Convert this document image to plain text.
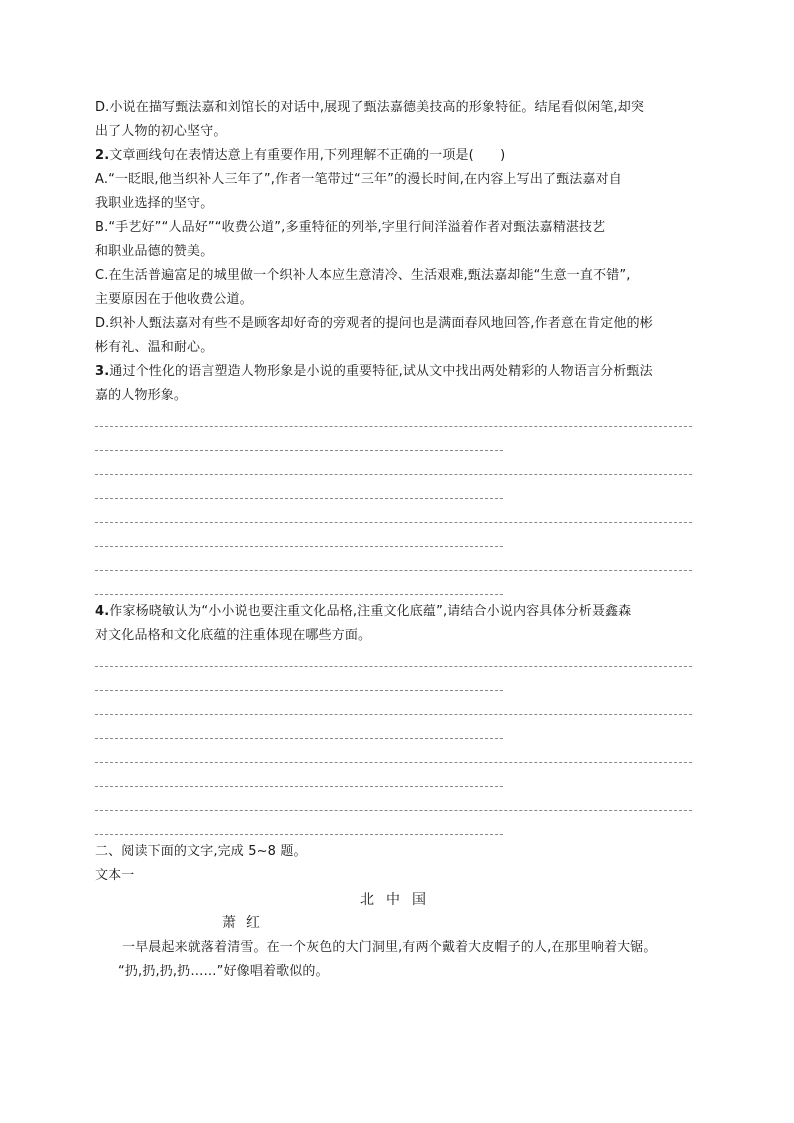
D.小说在描写甄法嘉和刘馆长的对话中,展现了甄法嘉德美技高的形象特征。结尾看似闲笔,却突
出了人物的初心坚守。
2.文章画线句在表情达意上有重要作用,下列理解不正确的一项是(　　)
A.“一眨眼,他当织补人三年了”,作者一笔带过“三年”的漫长时间,在内容上写出了甄法嘉对自
我职业选择的坚守。
B.“手艺好”“人品好”“收费公道”,多重特征的列举,字里行间洋溢着作者对甄法嘉精湛技艺
和职业品德的赞美。
C.在生活普遍富足的城里做一个织补人本应生意清冷、生活艰难,甄法嘉却能“生意一直不错”,
主要原因在于他收费公道。
D.织补人甄法嘉对有些不是顾客却好奇的旁观者的提问也是满面春风地回答,作者意在肯定他的彬
彬有礼、温和耐心。
3.通过个性化的语言塑造人物形象是小说的重要特征,试从文中找出两处精彩的人物语言分析甄法
嘉的人物形象。
4.作家杨晓敏认为“小小说也要注重文化品格,注重文化底蕴”,请结合小说内容具体分析聂鑫森
对文化品格和文化底蕴的注重体现在哪些方面。
二、阅读下面的文字,完成 5~8 题。
文本一
北中国
萧红
一早晨起来就落着清雪。在一个灰色的大门洞里,有两个戴着大皮帽子的人,在那里响着大锯。
“扔,扔,扔,扔……”好像唱着歌似的。
